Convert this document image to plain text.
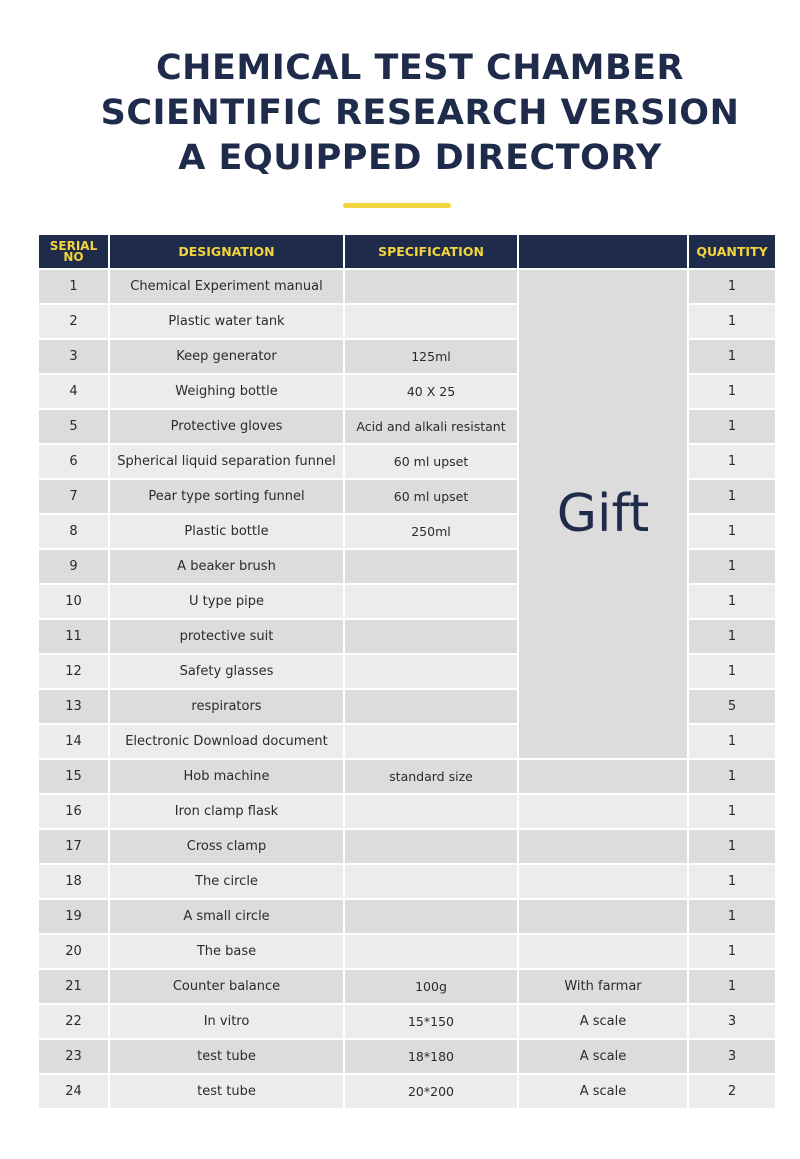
CHEMICAL TEST CHAMBER
SCIENTIFIC RESEARCH VERSION
A EQUIPPED DIRECTORY
SERIAL
NO	DESIGNATION	SPECIFICATION		QUANTITY
1	Chemical Experiment manual		Gift	1
2	Plastic water tank			1
3	Keep generator	125ml		1
4	Weighing bottle	40 X 25		1
5	Protective gloves	Acid and alkali resistant		1
6	Spherical liquid separation funnel	60 ml upset		1
7	Pear type sorting funnel	60 ml upset		1
8	Plastic bottle	250ml		1
9	A beaker brush			1
10	U type pipe			1
11	protective suit			1
12	Safety glasses			1
13	respirators			5
14	Electronic Download document			1
15	Hob machine	standard size		1
16	Iron clamp flask			1
17	Cross clamp			1
18	The circle			1
19	A small circle			1
20	The base			1
21	Counter balance	100g	With farmar	1
22	In vitro	15*150	A scale	3
23	test tube	18*180	A scale	3
24	test tube	20*200	A scale	2
